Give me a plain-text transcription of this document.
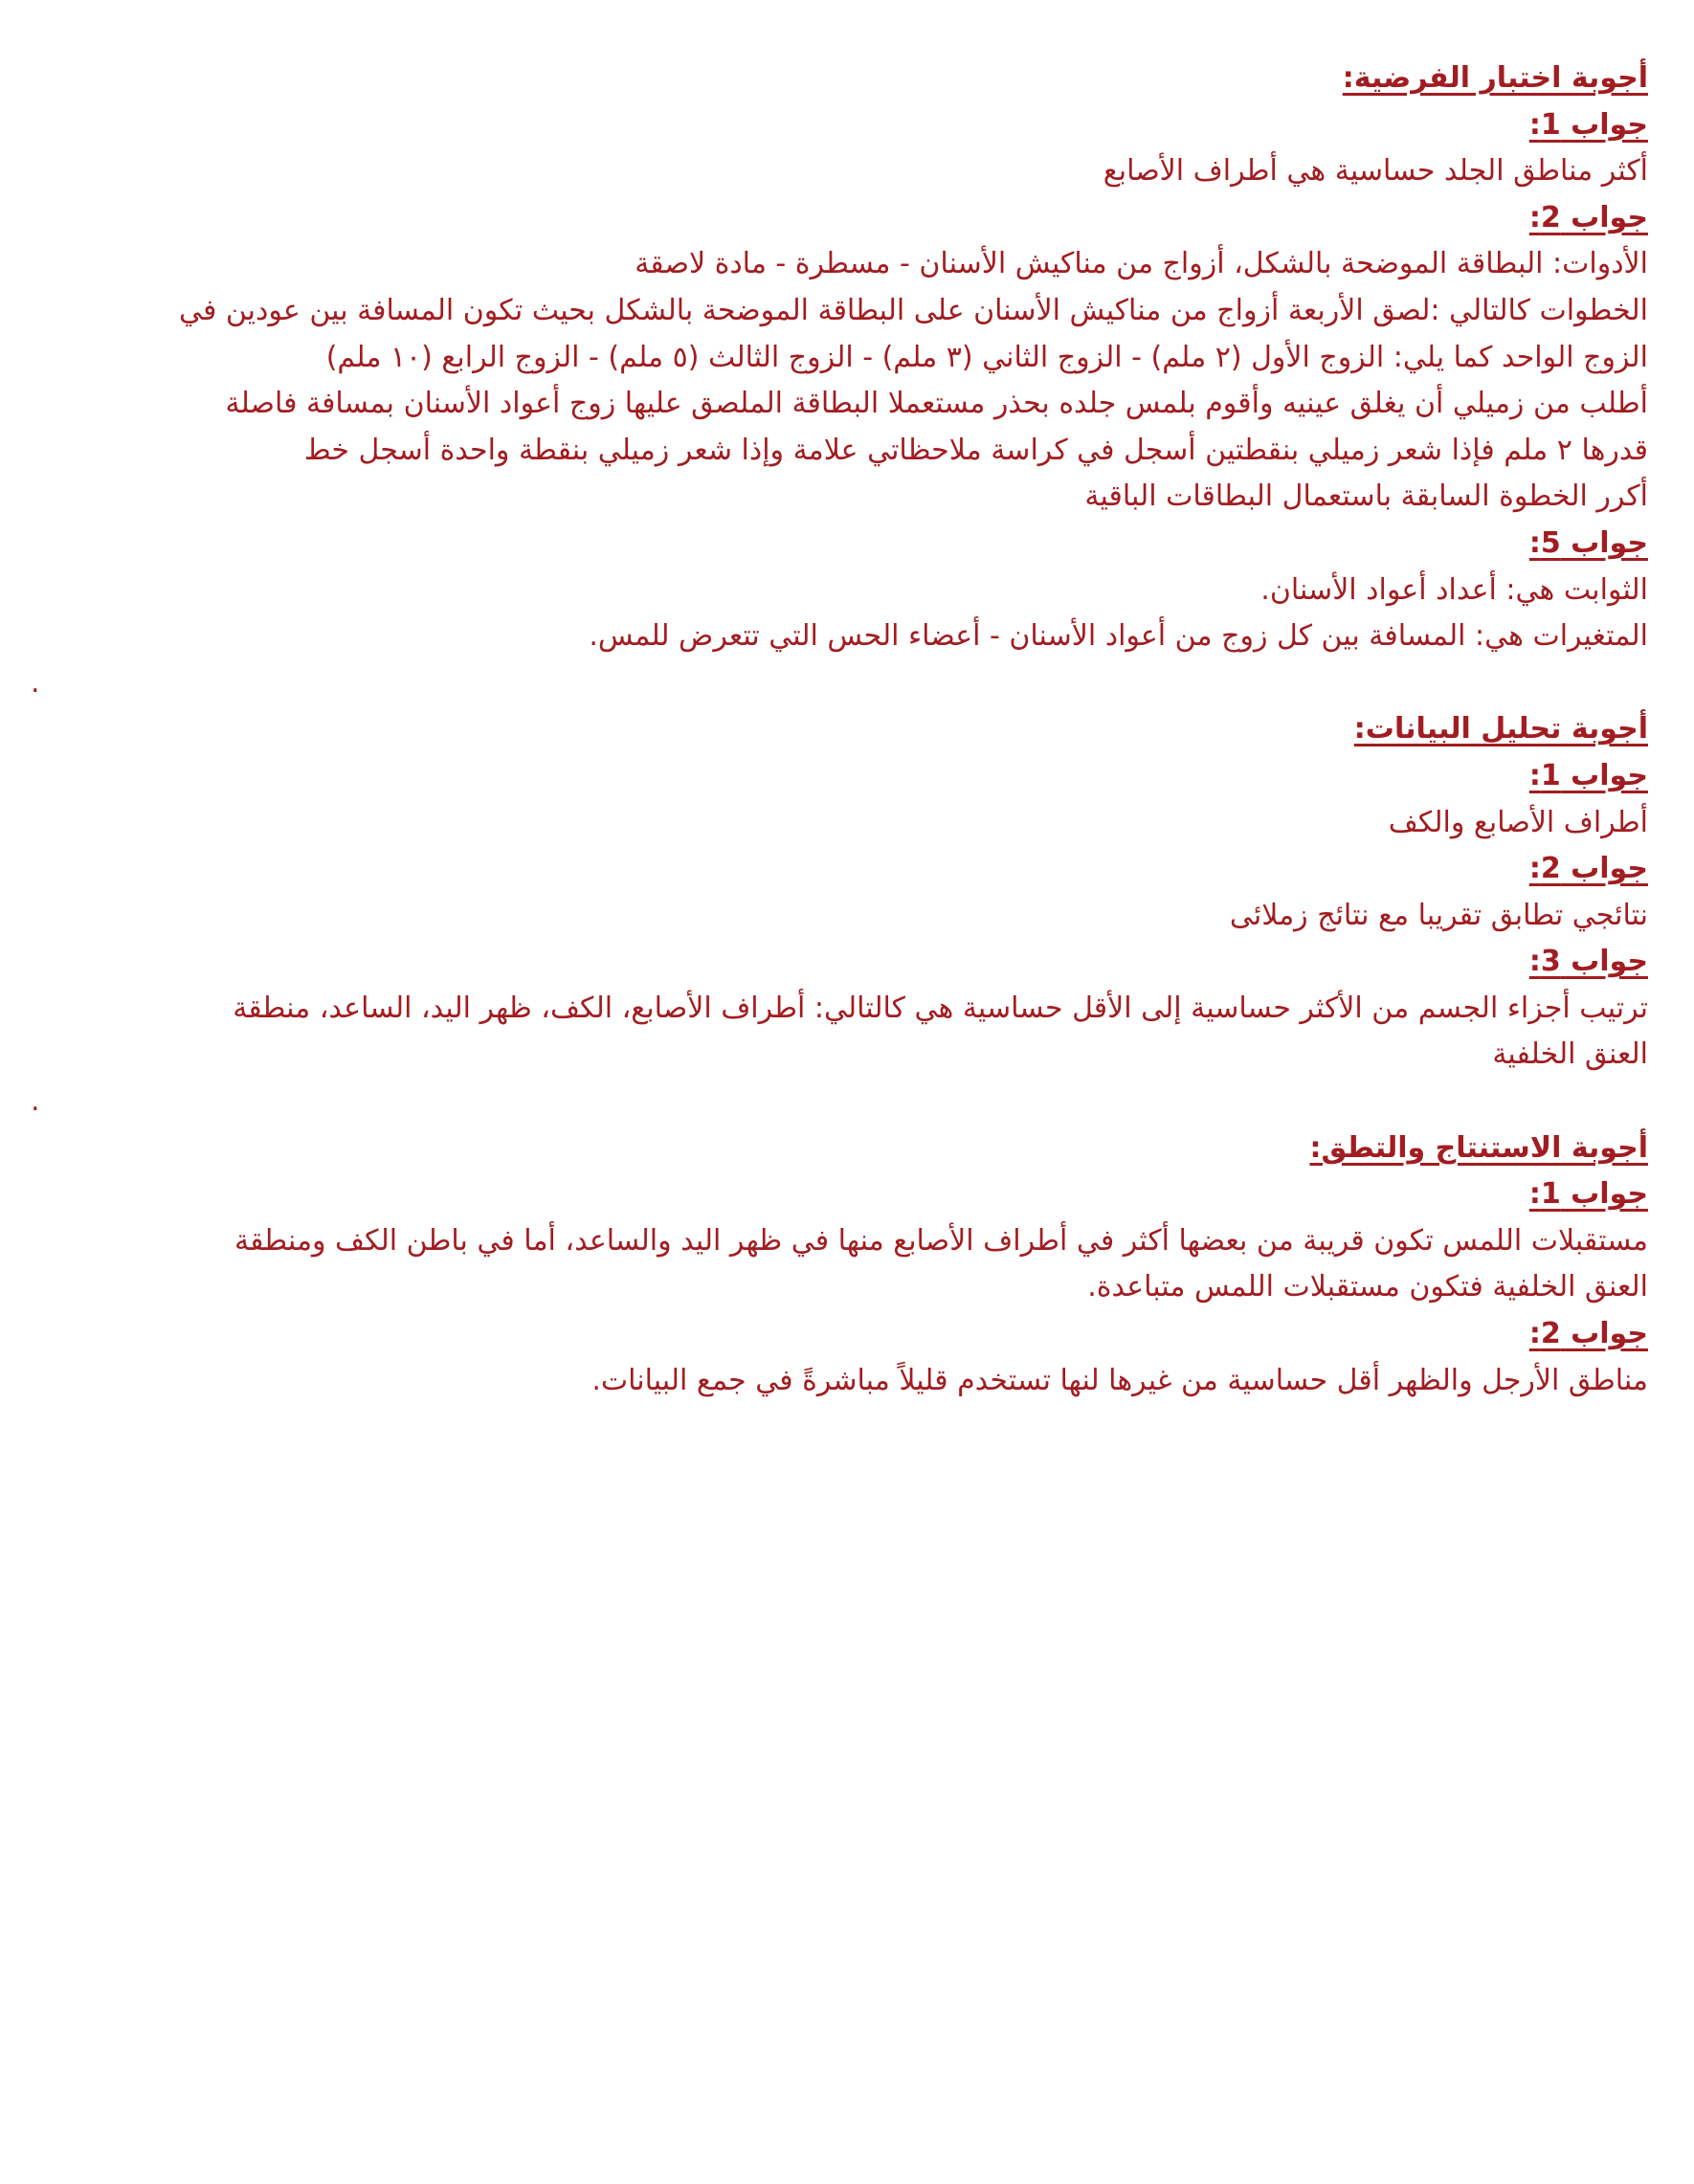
أجوبة اختبار الفرضية:

جواب 1:

أكثر مناطق الجلد حساسية هي أطراف الأصابع

جواب 2:

الأدوات: البطاقة الموضحة بالشكل، أزواج من مناكيش الأسنان - مسطرة - مادة لاصقة

الخطوات كالتالي :لصق الأربعة أزواج من مناكيش الأسنان على البطاقة الموضحة بالشكل بحيث تكون المسافة بين عودين في

الزوج الواحد كما يلي: الزوج الأول (٢ ملم) - الزوج الثاني (٣ ملم) - الزوج الثالث (٥ ملم) - الزوج الرابع (١٠ ملم)

أطلب من زميلي أن يغلق عينيه وأقوم بلمس جلده بحذر مستعملا البطاقة الملصق عليها زوج أعواد الأسنان بمسافة فاصلة

قدرها ٢ ملم فإذا شعر زميلي بنقطتين أسجل في كراسة ملاحظاتي علامة وإذا شعر زميلي بنقطة واحدة أسجل خط

أكرر الخطوة السابقة باستعمال البطاقات الباقية

جواب 5:

الثوابت هي: أعداد أعواد الأسنان.

المتغيرات هي: المسافة بين كل زوج من أعواد الأسنان - أعضاء الحس التي تتعرض للمس.

.

أجوبة تحليل البيانات:

جواب 1:

أطراف الأصابع والكف

جواب 2:

نتائجي تطابق تقريبا مع نتائج زملائى

جواب 3:

ترتيب أجزاء الجسم من الأكثر حساسية إلى الأقل حساسية هي كالتالي: أطراف الأصابع، الكف، ظهر اليد، الساعد، منطقة

العنق الخلفية

.

أجوبة الاستنتاج والتطق:

جواب 1:

مستقبلات اللمس تكون قريبة من بعضها أكثر في أطراف الأصابع منها في ظهر اليد والساعد، أما في باطن الكف ومنطقة

العنق الخلفية فتكون مستقبلات اللمس متباعدة.

جواب 2:

مناطق الأرجل والظهر أقل حساسية من غيرها لنها تستخدم قليلاً مباشرةً في جمع البيانات.
